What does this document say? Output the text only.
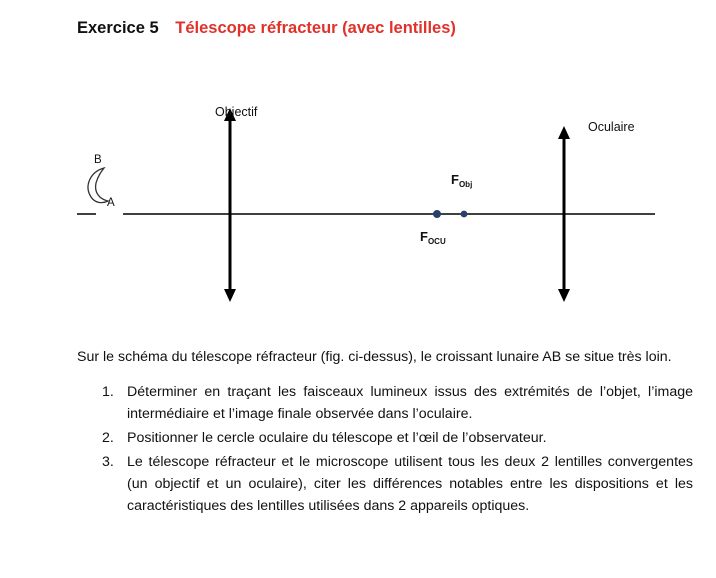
Exercice 5 Télescope réfracteur (avec lentilles)
Objectif
Oculaire
B
A
$F_{Obj}$
$F_{OCU}$
Sur le schéma du télescope réfracteur (fig. ci-dessus), le croissant lunaire AB se situe très loin.
1. Déterminer en traçant les faisceaux lumineux issus des extrémités de l’objet, l’image intermédiaire et l’image finale observée dans l’oculaire.
2. Positionner le cercle oculaire du télescope et l’œil de l’observateur.
3. Le télescope réfracteur et le microscope utilisent tous les deux 2 lentilles convergentes (un objectif et un oculaire), citer les différences notables entre les dispositions et les caractéristiques des lentilles utilisées dans 2 appareils optiques.
